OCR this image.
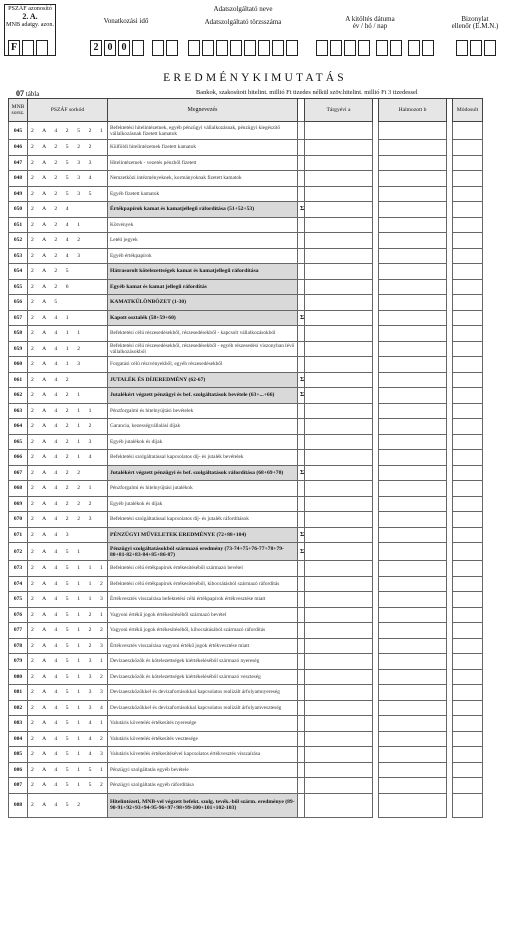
PSZÁF azonosító
2. A.
MNB adatgy. azon.
F
Vonatkozási idő
2 0 0
Adatszolgáltató neve
Adatszolgáltató törzsszáma	A kitöltés dátuma
év / hó / nap
Bizonylat
ellenőr (E.M.N.)
EREDMÉNYKIMUTATÁS
07 tábla	Bankok, szakosított hitelint. millió Ft tizedes nélkül szöv.hitelint. millió Ft 3 tizedessel
MNB sorsz.	PSZÁF sorkód	Megnevezés		Tárgyévi a		Halmozott b		Módosult	
045	2 A 4 2 5 2 1	Befektetési hitelintézetnek, egyéb pénzügyi vállalkozásnak, pénzügyi kiegészítő vállalkozásnak fizetett kamatok							
046	2 A 2 5 2 2	Külföldi hitelintézetnek fizetett kamatok							
047	2 A 2 5 3 3	Hitelintézetnek - vezetés pénzből fizetett							
048	2 A 2 5 3 4	Nemzetközi intézményeknek, kormányoknak fizetett kamatok							
049	2 A 2 5 3 5	Egyéb fizetett kamatok							
050	2 A 2 4	Értékpapírok kamat és kamatjellegű ráfordítása (51+52+53)	Σ						
051	2 A 2 4 1	Kötvények							
052	2 A 2 4 2	Letéti jegyek							
053	2 A 2 4 3	Egyéb értékpapírok							
054	2 A 2 5	Hátrasorolt kötelezettségek kamat és kamatjellegű ráfordítása							
055	2 A 2 6	Egyéb kamat és kamat jellegű ráfordítás							
056	2 A 5	KAMATKÜLÖNBÖZET (1-30)							
057	2 A 4 1	Kapott osztalék (58+59+60)	Σ						
058	2 A 4 1 1	Befektetési célú részesedésekből, részesedésekből - kapcsolt vállalkozásokból							
059	2 A 4 1 2	Befektetési célú részesedésekből, részesedésekből - egyéb részesedési viszonyban lévő vállalkozásokból							
060	2 A 4 1 3	Forgatási célú részvényekből, egyéb részesedésekből							
061	2 A 4 2	JUTALÉK ÉS DÍJEREDMÉNY (62-67)	Σ						
062	2 A 4 2 1	Jutalékért végzett pénzügyi és bef. szolgáltatások bevétele (63+...+66)	Σ						
063	2 A 4 2 1 1	Pénzforgalmi és hitelnyújtási bevételek							
064	2 A 4 2 1 2	Garancia, kezességvállalási díjak							
065	2 A 4 2 1 3	Egyéb jutalékok és díjak							
066	2 A 4 2 1 4	Befektetési szolgáltatással kapcsolatos díj- és jutalék bevételek							
067	2 A 4 2 2	Jutalékért végzett pénzügyi és bef. szolgáltatások ráfordítása (68+69+70)	Σ						
068	2 A 4 2 2 1	Pénzforgalmi és hitelnyújtási jutalékok							
069	2 A 4 2 2 2	Egyéb jutalékok és díjak							
070	2 A 4 2 2 3	Befektetési szolgáltatással kapcsolatos díj- és jutalék ráfordítások							
071	2 A 4 3	PÉNZÜGYI MŰVELETEK EREDMÉNYE (72+88+104)	Σ						
072	2 A 4 5 1	Pénzügyi szolgáltatásokból származó eredmény (73-74+75+76-77+78+79-80+81-82+83-84+85+86-87)	Σ						
073	2 A 4 5 1 1 1	Befektetési célú értékpapírok értékesítéséből származó bevétel							
074	2 A 4 5 1 1 2	Befektetési célú értékpapírok értékesítéséből, kibocsátásból származó ráfordítás							
075	2 A 4 5 1 1 3	Értékvesztés visszaírása befektetési célú értékpapírok értékvesztése miatt							
076	2 A 4 5 1 2 1	Vagyoni értékű jogok értékesítéséből származó bevétel							
077	2 A 4 5 1 2 2	Vagyoni értékű jogok értékesítéséből, kibocsátásából származó ráfordítás							
078	2 A 4 5 1 2 3	Értékvesztés visszaírása vagyoni értékű jogok értékvesztése miatt							
079	2 A 4 5 1 3 1	Devizaeszközök és kötelezettségek kiértékeléséből származó nyereség							
080	2 A 4 5 1 3 2	Devizaeszközök és kötelezettségek kiértékeléséből származó veszteség							
081	2 A 4 5 1 3 3	Devizaeszközökkel és devizaforrásokkal kapcsolatos realizált árfolyamnyereség							
082	2 A 4 5 1 3 4	Devizaeszközökkel és devizaforrásokkal kapcsolatos realizált árfolyamveszteség							
083	2 A 4 5 1 4 1	Valutáris követelés értékesítés nyeresége							
084	2 A 4 5 1 4 2	Valutáris követelés értékesítés vesztesége							
085	2 A 4 5 1 4 3	Valutáris követelés értékesítésével kapcsolatos értékvesztés visszaírása							
086	2 A 4 5 1 5 1	Pénzügyi szolgáltatás egyéb bevétele							
087	2 A 4 5 1 5 2	Pénzügyi szolgáltatás egyéb ráfordítása							
088	2 A 4 5 2	Hitelintézeti, MNB-vel végzett befekt. szolg. tevék.-ből szárm. eredménye (89-90-91+92+93+94-95-96+97+98+99-100+101+102-103)							
